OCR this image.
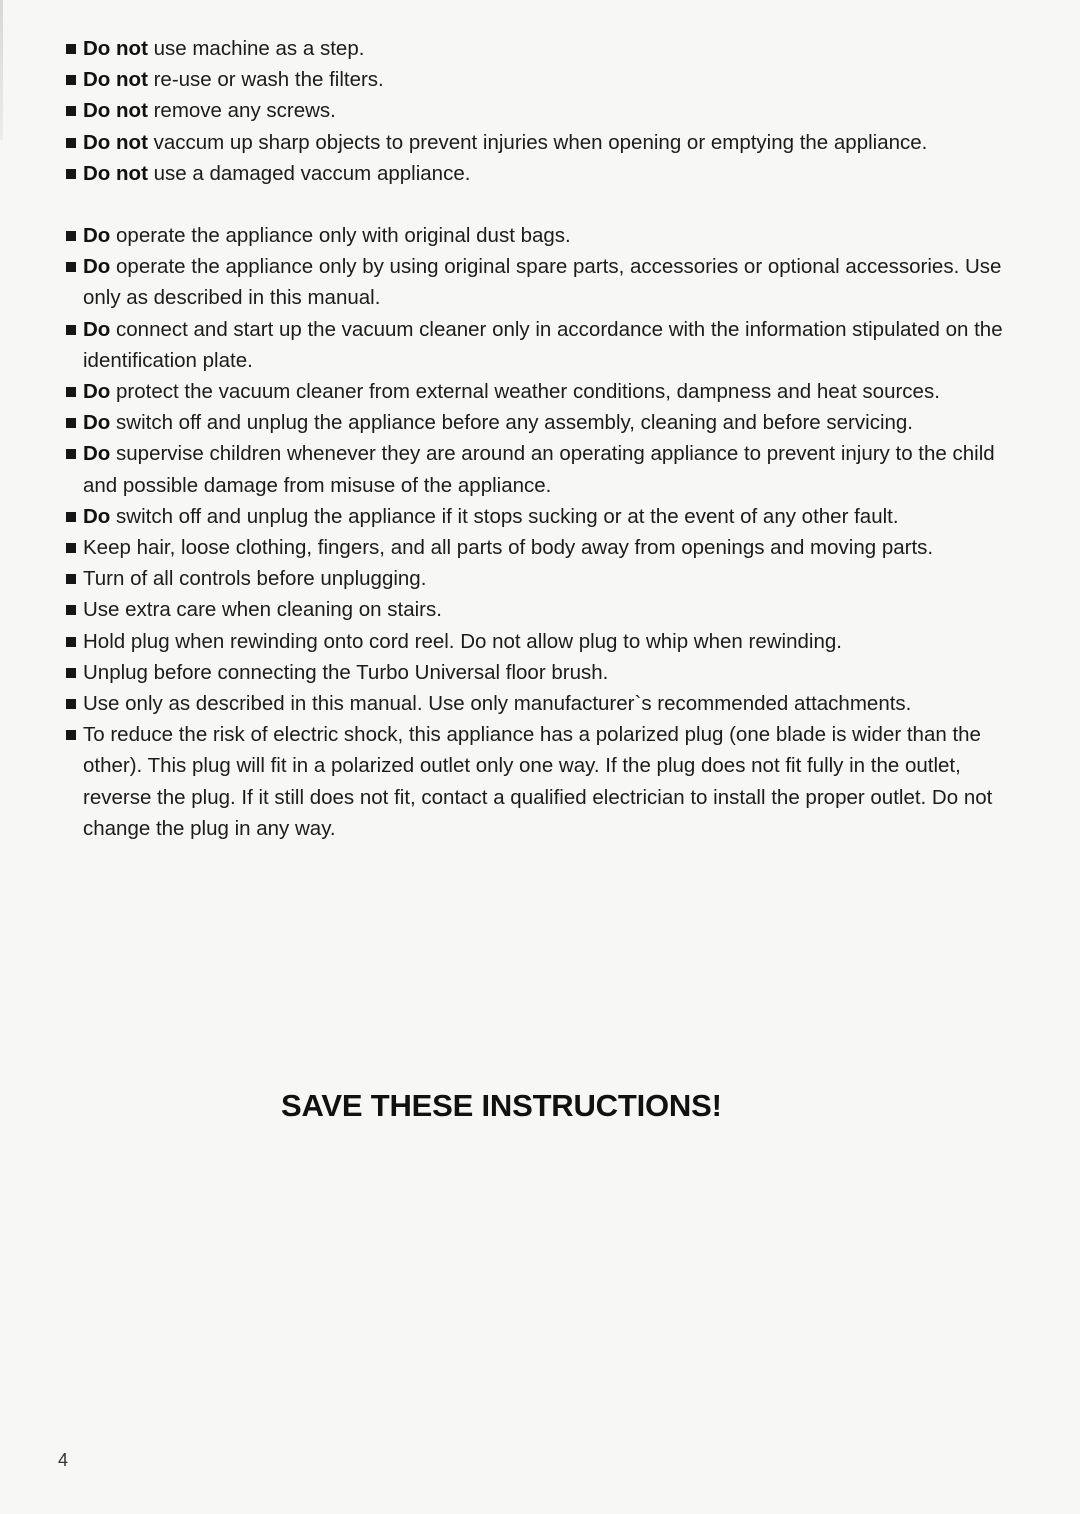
Do not use machine as a step.
Do not re-use or wash the filters.
Do not remove any screws.
Do not vaccum up sharp objects to prevent injuries when opening or emptying the appliance.
Do not use a damaged vaccum appliance.
Do operate the appliance only with original dust bags.
Do operate the appliance only by using original spare parts, accessories or optional accessories. Use only as described in this manual.
Do connect and start up the vacuum cleaner only in accordance with the information stipulated on the identification plate.
Do protect the vacuum cleaner from external weather conditions, dampness and heat sources.
Do switch off and unplug the appliance before any assembly, cleaning and before servicing.
Do supervise children whenever they are around an operating appliance to prevent injury to the child and possible damage from misuse of the appliance.
Do switch off and unplug the appliance if it stops sucking or at the event of any other fault.
Keep hair, loose clothing, fingers, and all parts of body away from openings and moving parts.
Turn of all controls before unplugging.
Use extra care when cleaning on stairs.
Hold plug when rewinding onto cord reel. Do not allow plug to whip when rewinding.
Unplug before connecting the Turbo Universal floor brush.
Use only as described in this manual. Use only manufacturer`s recommended attachments.
To reduce the risk of electric shock, this appliance has a polarized plug (one blade is wider than the other). This plug will fit in a polarized outlet only one way. If the plug does not fit fully in the outlet, reverse the plug. If it still does not fit, contact a qualified electrician to install the proper outlet. Do not change the plug in any way.
SAVE THESE INSTRUCTIONS!
4
